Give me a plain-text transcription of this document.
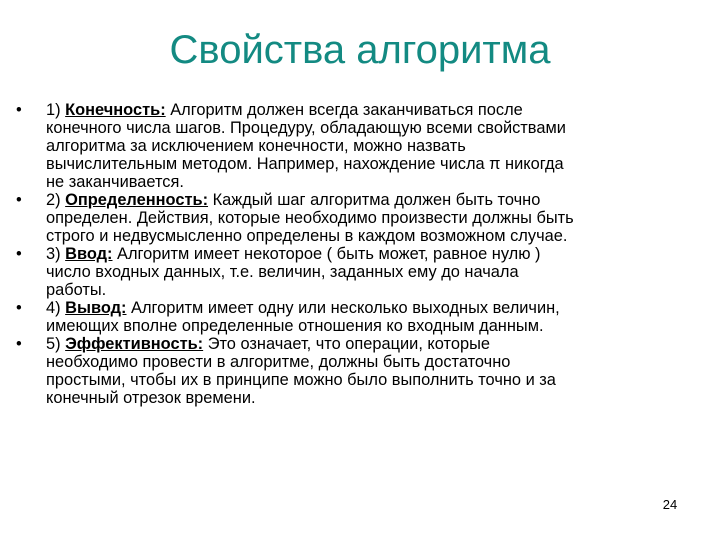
Свойства алгоритма
•	1) Конечность: Алгоритм должен всегда заканчиваться после
конечного числа шагов. Процедуру, обладающую всеми свойствами
алгоритма за исключением конечности, можно назвать
вычислительным методом. Например, нахождение числа π никогда
не заканчивается.
•	2) Определенность: Каждый шаг алгоритма должен быть точно
определен. Действия, которые необходимо произвести должны быть
строго и недвусмысленно определены в каждом возможном случае.
•	3) Ввод: Алгоритм имеет некоторое ( быть может, равное нулю )
число входных данных, т.е. величин, заданных ему до начала
работы.
•	4) Вывод: Алгоритм имеет одну или несколько выходных величин,
имеющих вполне определенные отношения ко входным данным.
•	5) Эффективность: Это означает, что операции, которые
необходимо провести в алгоритме, должны быть достаточно
простыми, чтобы их в принципе можно было выполнить точно и за
конечный отрезок времени.
24
